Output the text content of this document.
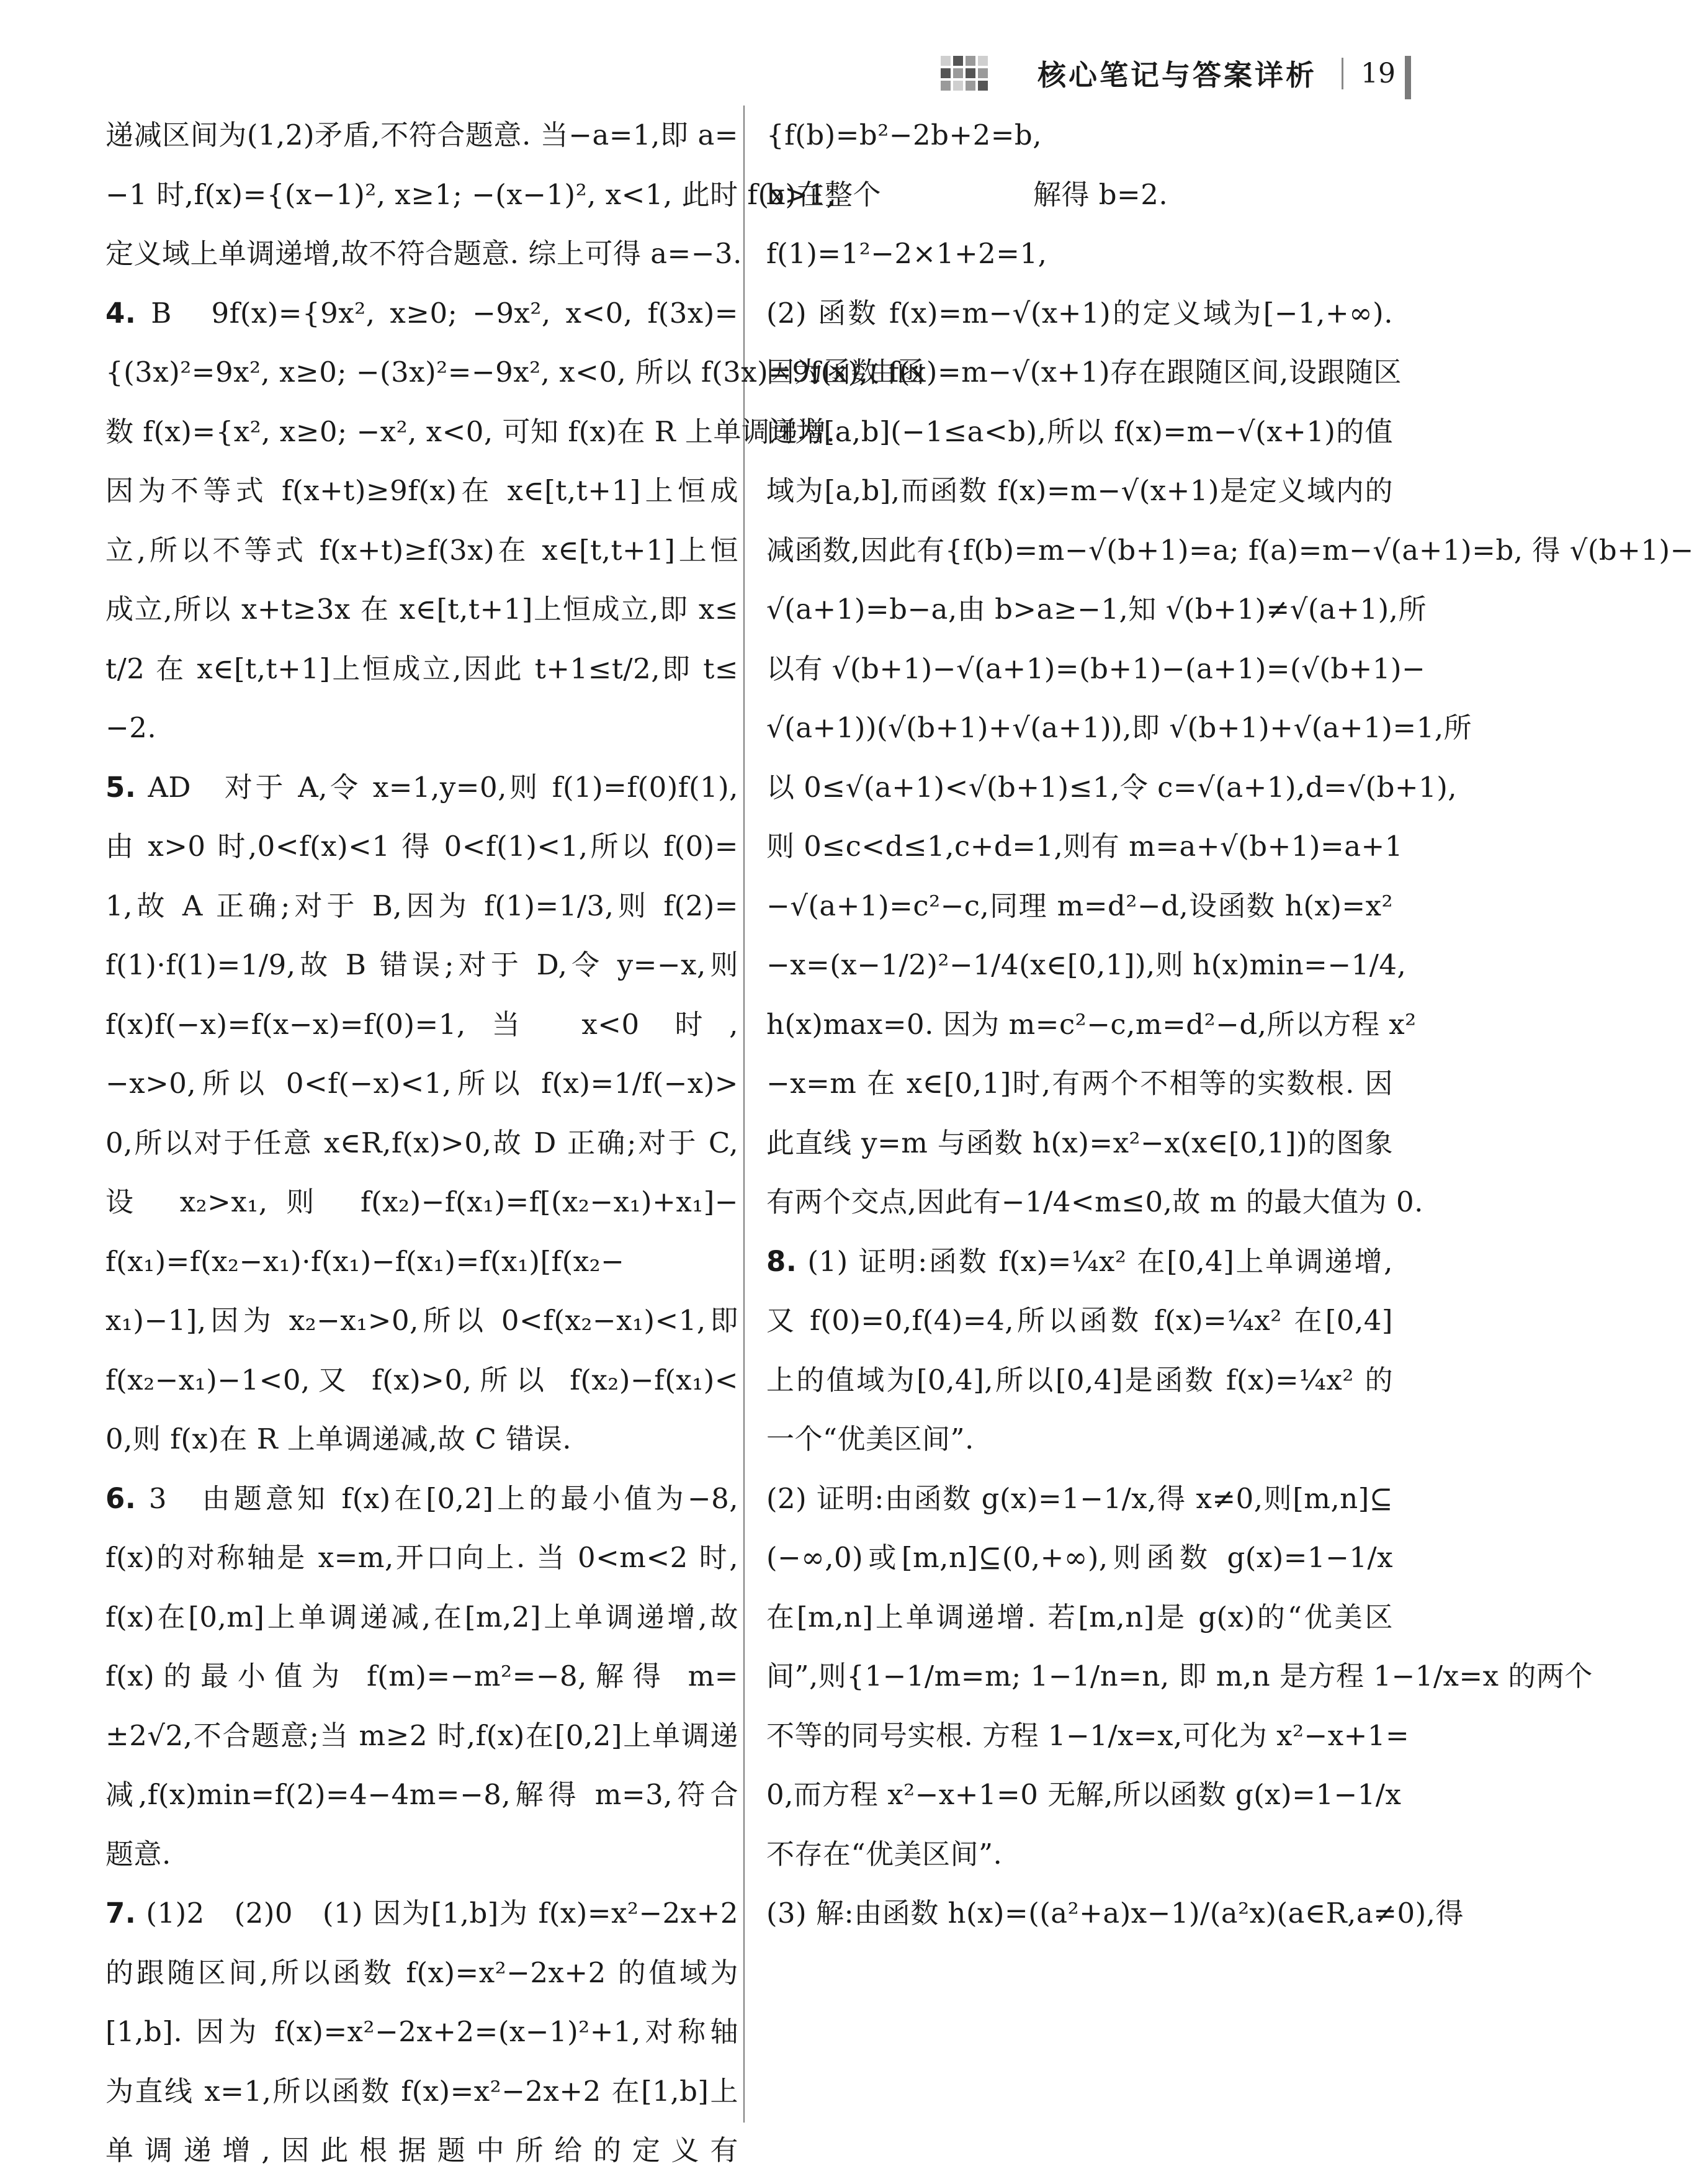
核心笔记与答案详析	19
递减区间为(1,2)矛盾,不符合题意. 当−a=1,即 a=
−1 时,f(x)={(x−1)², x≥1; −(x−1)², x<1, 此时 f(x)在整个
定义域上单调递增,故不符合题意. 综上可得 a=−3.
4. B　9f(x)={9x², x≥0; −9x², x<0, f(3x)=
{(3x)²=9x², x≥0; −(3x)²=−9x², x<0, 所以 f(3x)=9f(x),由函
数 f(x)={x², x≥0; −x², x<0, 可知 f(x)在 R 上单调递增.
因为不等式 f(x+t)≥9f(x)在 x∈[t,t+1]上恒成
立,所以不等式 f(x+t)≥f(3x)在 x∈[t,t+1]上恒
成立,所以 x+t≥3x 在 x∈[t,t+1]上恒成立,即 x≤
t/2 在 x∈[t,t+1]上恒成立,因此 t+1≤t/2,即 t≤
−2.
5. AD　对于 A,令 x=1,y=0,则 f(1)=f(0)f(1),
由 x>0 时,0<f(x)<1 得 0<f(1)<1,所以 f(0)=
1,故 A 正确;对于 B,因为 f(1)=1/3,则 f(2)=
f(1)·f(1)=1/9,故 B 错误;对于 D,令 y=−x,则
f(x)f(−x)=f(x−x)=f(0)=1,当 x<0 时,
−x>0,所以 0<f(−x)<1,所以 f(x)=1/f(−x)>
0,所以对于任意 x∈R,f(x)>0,故 D 正确;对于 C,
设 x₂>x₁,则 f(x₂)−f(x₁)=f[(x₂−x₁)+x₁]−
f(x₁)=f(x₂−x₁)·f(x₁)−f(x₁)=f(x₁)[f(x₂−
x₁)−1],因为 x₂−x₁>0,所以 0<f(x₂−x₁)<1,即
f(x₂−x₁)−1<0,又 f(x)>0,所以 f(x₂)−f(x₁)<
0,则 f(x)在 R 上单调递减,故 C 错误.
6. 3　由题意知 f(x)在[0,2]上的最小值为−8,
f(x)的对称轴是 x=m,开口向上. 当 0<m<2 时,
f(x)在[0,m]上单调递减,在[m,2]上单调递增,故
f(x)的最小值为 f(m)=−m²=−8,解得 m=
±2√2,不合题意;当 m≥2 时,f(x)在[0,2]上单调递
减,f(x)min=f(2)=4−4m=−8,解得 m=3,符合
题意.
7. (1)2　(2)0　(1) 因为[1,b]为 f(x)=x²−2x+2
的跟随区间,所以函数 f(x)=x²−2x+2 的值域为
[1,b]. 因为 f(x)=x²−2x+2=(x−1)²+1,对称轴
为直线 x=1,所以函数 f(x)=x²−2x+2 在[1,b]上
单调递增,因此根据题中所给的定义有
{f(b)=b²−2b+2=b,
b>1,　　　　　　　解得 b=2.
f(1)=1²−2×1+2=1,
(2) 函数 f(x)=m−√(x+1)的定义域为[−1,+∞).
因为函数 f(x)=m−√(x+1)存在跟随区间,设跟随区
间为[a,b](−1≤a<b),所以 f(x)=m−√(x+1)的值
域为[a,b],而函数 f(x)=m−√(x+1)是定义域内的
减函数,因此有{f(b)=m−√(b+1)=a; f(a)=m−√(a+1)=b, 得 √(b+1)−
√(a+1)=b−a,由 b>a≥−1,知 √(b+1)≠√(a+1),所
以有 √(b+1)−√(a+1)=(b+1)−(a+1)=(√(b+1)−
√(a+1))(√(b+1)+√(a+1)),即 √(b+1)+√(a+1)=1,所
以 0≤√(a+1)<√(b+1)≤1,令 c=√(a+1),d=√(b+1),
则 0≤c<d≤1,c+d=1,则有 m=a+√(b+1)=a+1
−√(a+1)=c²−c,同理 m=d²−d,设函数 h(x)=x²
−x=(x−1/2)²−1/4(x∈[0,1]),则 h(x)min=−1/4,
h(x)max=0. 因为 m=c²−c,m=d²−d,所以方程 x²
−x=m 在 x∈[0,1]时,有两个不相等的实数根. 因
此直线 y=m 与函数 h(x)=x²−x(x∈[0,1])的图象
有两个交点,因此有−1/4<m≤0,故 m 的最大值为 0.
8. (1) 证明:函数 f(x)=¼x² 在[0,4]上单调递增,
又 f(0)=0,f(4)=4,所以函数 f(x)=¼x² 在[0,4]
上的值域为[0,4],所以[0,4]是函数 f(x)=¼x² 的
一个“优美区间”.
(2) 证明:由函数 g(x)=1−1/x,得 x≠0,则[m,n]⊆
(−∞,0)或[m,n]⊆(0,+∞),则函数 g(x)=1−1/x
在[m,n]上单调递增. 若[m,n]是 g(x)的“优美区
间”,则{1−1/m=m; 1−1/n=n, 即 m,n 是方程 1−1/x=x 的两个
不等的同号实根. 方程 1−1/x=x,可化为 x²−x+1=
0,而方程 x²−x+1=0 无解,所以函数 g(x)=1−1/x
不存在“优美区间”.
(3) 解:由函数 h(x)=((a²+a)x−1)/(a²x)(a∈R,a≠0),得
